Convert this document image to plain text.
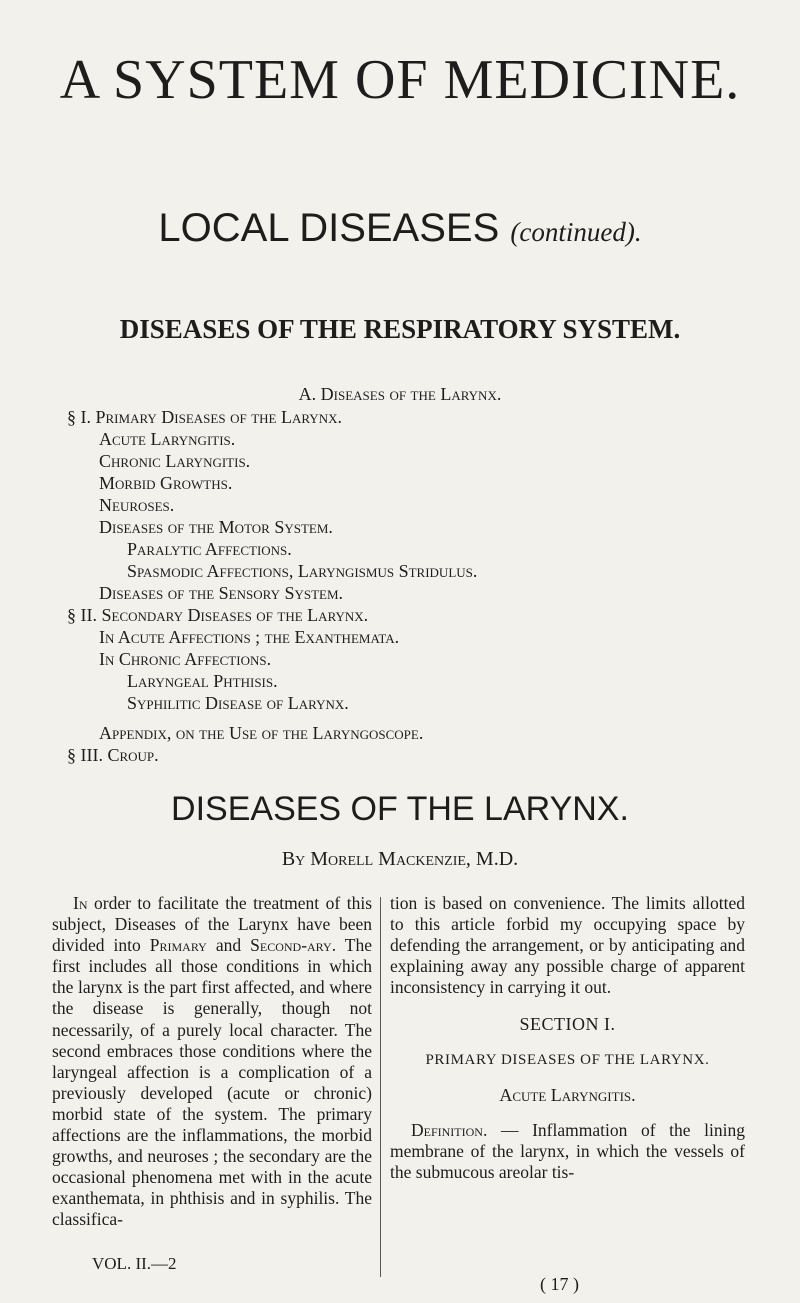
A SYSTEM OF MEDICINE.
LOCAL DISEASES (continued).
DISEASES OF THE RESPIRATORY SYSTEM.
A. Diseases of the Larynx.
§ I. Primary Diseases of the Larynx.
Acute Laryngitis.
Chronic Laryngitis.
Morbid Growths.
Neuroses.
Diseases of the Motor System.
Paralytic Affections.
Spasmodic Affections, Laryngismus Stridulus.
Diseases of the Sensory System.
§ II. Secondary Diseases of the Larynx.
In Acute Affections ; the Exanthemata.
In Chronic Affections.
Laryngeal Phthisis.
Syphilitic Disease of Larynx.
Appendix, on the Use of the Laryngoscope.
§ III. Croup.
DISEASES OF THE LARYNX.
By Morell Mackenzie, M.D.

In order to facilitate the treatment of this subject, Diseases of the Larynx have been divided into Primary and Second-ary. The first includes all those conditions in which the larynx is the part first affected, and where the disease is generally, though not necessarily, of a purely local character. The second embraces those conditions where the laryngeal affection is a complication of a previously developed (acute or chronic) morbid state of the system. The primary affections are the inflammations, the morbid growths, and neuroses ; the secondary are the occasional phenomena met with in the acute exanthemata, in phthisis and in syphilis. The classifica-

tion is based on convenience. The limits allotted to this article forbid my occupying space by defending the arrangement, or by anticipating and explaining away any possible charge of apparent inconsistency in carrying it out.

SECTION I.
PRIMARY DISEASES OF THE LARYNX.
Acute Laryngitis.

Definition. — Inflammation of the lining membrane of the larynx, in which the vessels of the submucous areolar tis-

VOL. II.—2
( 17 )
